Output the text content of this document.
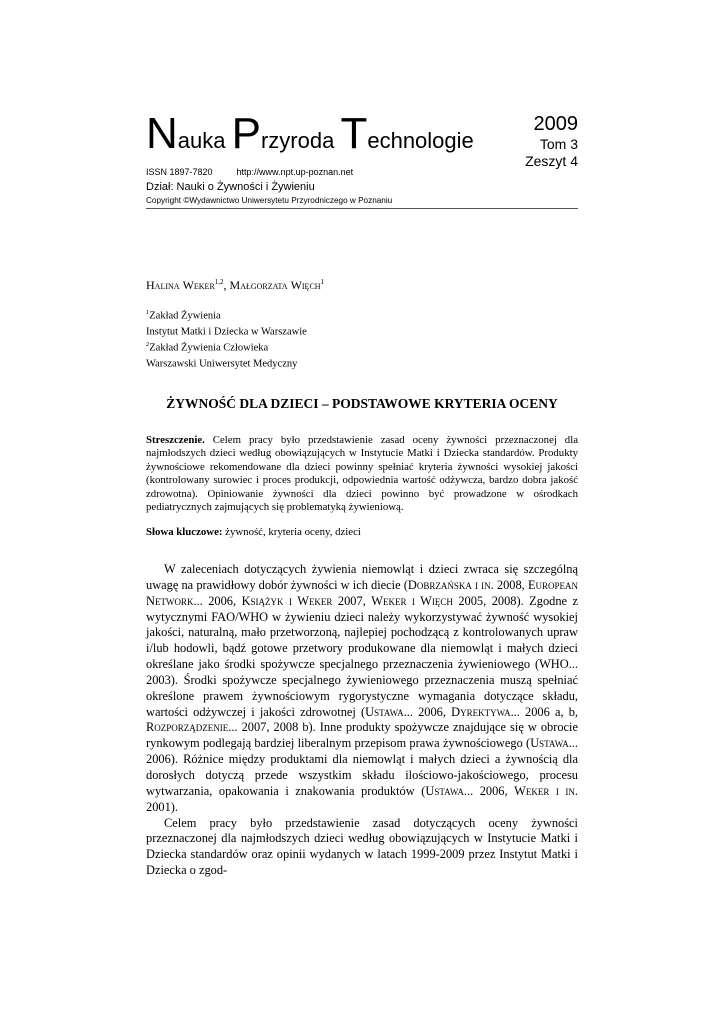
Nauka Przyroda Technologie
2009
Tom 3
Zeszyt 4
ISSN 1897-7820	http://www.npt.up-poznan.net
Dział: Nauki o Żywności i Żywieniu
Copyright ©Wydawnictwo Uniwersytetu Przyrodniczego w Poznaniu
Halina Weker$^{1,2}$, Małgorzata Więch$^1$
$^1$Zakład Żywienia
Instytut Matki i Dziecka w Warszawie
$^2$Zakład Żywienia Człowieka
Warszawski Uniwersytet Medyczny
ŻYWNOŚĆ DLA DZIECI – PODSTAWOWE KRYTERIA OCENY
Streszczenie. Celem pracy było przedstawienie zasad oceny żywności przeznaczonej dla najmłodszych dzieci według obowiązujących w Instytucie Matki i Dziecka standardów. Produkty żywnościowe rekomendowane dla dzieci powinny spełniać kryteria żywności wysokiej jakości (kontrolowany surowiec i proces produkcji, odpowiednia wartość odżywcza, bardzo dobra jakość zdrowotna). Opiniowanie żywności dla dzieci powinno być prowadzone w ośrodkach pediatrycznych zajmujących się problematyką żywieniową.
Słowa kluczowe: żywność, kryteria oceny, dzieci

W zaleceniach dotyczących żywienia niemowląt i dzieci zwraca się szczególną uwagę na prawidłowy dobór żywności w ich diecie (Dobrzańska i in. 2008, European Network... 2006, Książyk i Weker 2007, Weker i Więch 2005, 2008). Zgodne z wytycznymi FAO/WHO w żywieniu dzieci należy wykorzystywać żywność wysokiej jakości, naturalną, mało przetworzoną, najlepiej pochodzącą z kontrolowanych upraw i/lub hodowli, bądź gotowe przetwory produkowane dla niemowląt i małych dzieci określane jako środki spożywcze specjalnego przeznaczenia żywieniowego (WHO... 2003). Środki spożywcze specjalnego żywieniowego przeznaczenia muszą spełniać określone prawem żywnościowym rygorystyczne wymagania dotyczące składu, wartości odżywczej i jakości zdrowotnej (Ustawa... 2006, Dyrektywa... 2006 a, b, Rozporządzenie... 2007, 2008 b). Inne produkty spożywcze znajdujące się w obrocie rynkowym podlegają bardziej liberalnym przepisom prawa żywnościowego (Ustawa... 2006). Różnice między produktami dla niemowląt i małych dzieci a żywnością dla dorosłych dotyczą przede wszystkim składu ilościowo-jakościowego, procesu wytwarzania, opakowania i znakowania produktów (Ustawa... 2006, Weker i in. 2001).

Celem pracy było przedstawienie zasad dotyczących oceny żywności przeznaczonej dla najmłodszych dzieci według obowiązujących w Instytucie Matki i Dziecka standardów oraz opinii wydanych w latach 1999-2009 przez Instytut Matki i Dziecka o zgod-
